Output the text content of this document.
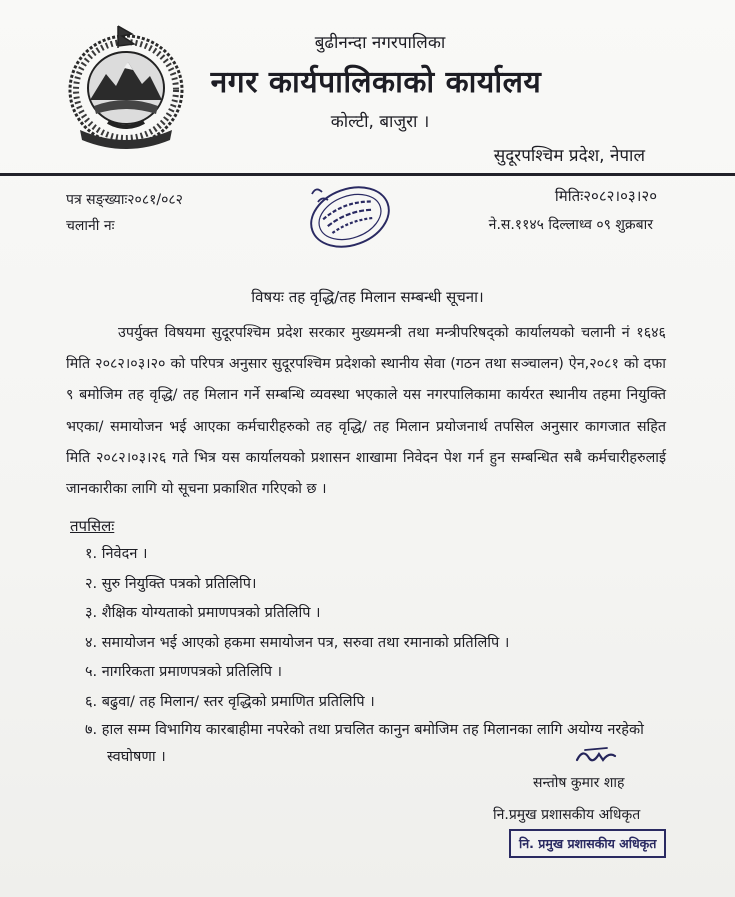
बुढीनन्दा नगरपालिका
नगर कार्यपालिकाको कार्यालय
कोल्टी, बाजुरा ।
सुदूरपश्चिम प्रदेश, नेपाल
पत्र सङ्ख्याः२०८१/०८२
चलानी नः
मितिः२०८२।०३।२०
ने.स.११४५ दिल्लाध्व ०९ शुक्रबार
विषयः तह वृद्धि/तह मिलान सम्बन्धी सूचना।
उपर्युक्त विषयमा सुदूरपश्चिम प्रदेश सरकार मुख्यमन्त्री तथा मन्त्रीपरिषद्को कार्यालयको चलानी नं १६४६ मिति २०८२।०३।२० को परिपत्र अनुसार सुदूरपश्चिम प्रदेशको स्थानीय सेवा (गठन तथा सञ्चालन) ऐन,२०८१ को दफा ९ बमोजिम तह वृद्धि/ तह मिलान गर्ने सम्बन्धि व्यवस्था भएकाले यस नगरपालिकामा कार्यरत स्थानीय तहमा नियुक्ति भएका/ समायोजन भई आएका कर्मचारीहरुको तह वृद्धि/ तह मिलान प्रयोजनार्थ तपसिल अनुसार कागजात सहित मिति २०८२।०३।२६ गते भित्र यस कार्यालयको प्रशासन शाखामा निवेदन पेश गर्न हुन सम्बन्धित सबै कर्मचारीहरुलाई जानकारीका लागि यो सूचना प्रकाशित गरिएको छ ।
तपसिलः
१. निवेदन ।
२. सुरु नियुक्ति पत्रको प्रतिलिपि।
३. शैक्षिक योग्यताको प्रमाणपत्रको प्रतिलिपि ।
४. समायोजन भई आएको हकमा समायोजन पत्र, सरुवा तथा रमानाको प्रतिलिपि ।
५. नागरिकता प्रमाणपत्रको प्रतिलिपि ।
६. बढुवा/ तह मिलान/ स्तर वृद्धिको प्रमाणित प्रतिलिपि ।
७. हाल सम्म विभागिय कारबाहीमा नपरेको तथा प्रचलित कानुन बमोजिम तह मिलानका लागि अयोग्य नरहेको स्वघोषणा ।
सन्तोष कुमार शाह
नि.प्रमुख प्रशासकीय अधिकृत
नि. प्रमुख प्रशासकीय अधिकृत
